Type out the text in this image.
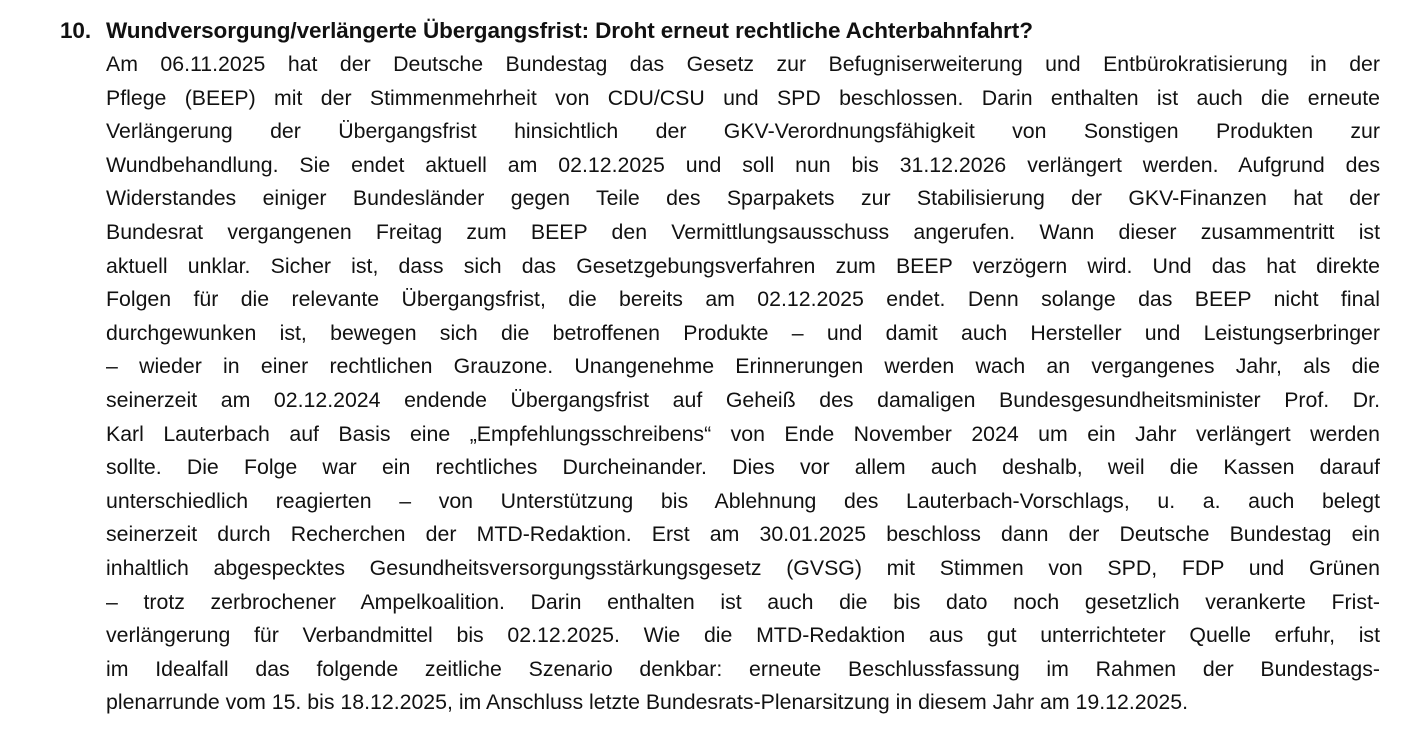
10. Wundversorgung/verlängerte Übergangsfrist: Droht erneut rechtliche Achterbahnfahrt?
Am 06.11.2025 hat der Deutsche Bundestag das Gesetz zur Befugniserweiterung und Entbürokratisierung in der
Pflege (BEEP) mit der Stimmenmehrheit von CDU/CSU und SPD beschlossen. Darin enthalten ist auch die erneute
Verlängerung der Übergangsfrist hinsichtlich der GKV-Verordnungsfähigkeit von Sonstigen Produkten zur
Wundbehandlung. Sie endet aktuell am 02.12.2025 und soll nun bis 31.12.2026 verlängert werden. Aufgrund des
Widerstandes einiger Bundesländer gegen Teile des Sparpakets zur Stabilisierung der GKV-Finanzen hat der
Bundesrat vergangenen Freitag zum BEEP den Vermittlungsausschuss angerufen. Wann dieser zusammentritt ist
aktuell unklar. Sicher ist, dass sich das Gesetzgebungsverfahren zum BEEP verzögern wird. Und das hat direkte
Folgen für die relevante Übergangsfrist, die bereits am 02.12.2025 endet. Denn solange das BEEP nicht final
durchgewunken ist, bewegen sich die betroffenen Produkte – und damit auch Hersteller und Leistungserbringer
– wieder in einer rechtlichen Grauzone. Unangenehme Erinnerungen werden wach an vergangenes Jahr, als die
seinerzeit am 02.12.2024 endende Übergangsfrist auf Geheiß des damaligen Bundesgesundheitsminister Prof. Dr.
Karl Lauterbach auf Basis eine „Empfehlungsschreibens“ von Ende November 2024 um ein Jahr verlängert werden
sollte. Die Folge war ein rechtliches Durcheinander. Dies vor allem auch deshalb, weil die Kassen darauf
unterschiedlich reagierten – von Unterstützung bis Ablehnung des Lauterbach-Vorschlags, u. a. auch belegt
seinerzeit durch Recherchen der MTD-Redaktion. Erst am 30.01.2025 beschloss dann der Deutsche Bundestag ein
inhaltlich abgespecktes Gesundheitsversorgungsstärkungsgesetz (GVSG) mit Stimmen von SPD, FDP und Grünen
– trotz zerbrochener Ampelkoalition. Darin enthalten ist auch die bis dato noch gesetzlich verankerte Frist-
verlängerung für Verbandmittel bis 02.12.2025. Wie die MTD-Redaktion aus gut unterrichteter Quelle erfuhr, ist
im Idealfall das folgende zeitliche Szenario denkbar: erneute Beschlussfassung im Rahmen der Bundestags-
plenarrunde vom 15. bis 18.12.2025, im Anschluss letzte Bundesrats-Plenarsitzung in diesem Jahr am 19.12.2025.
